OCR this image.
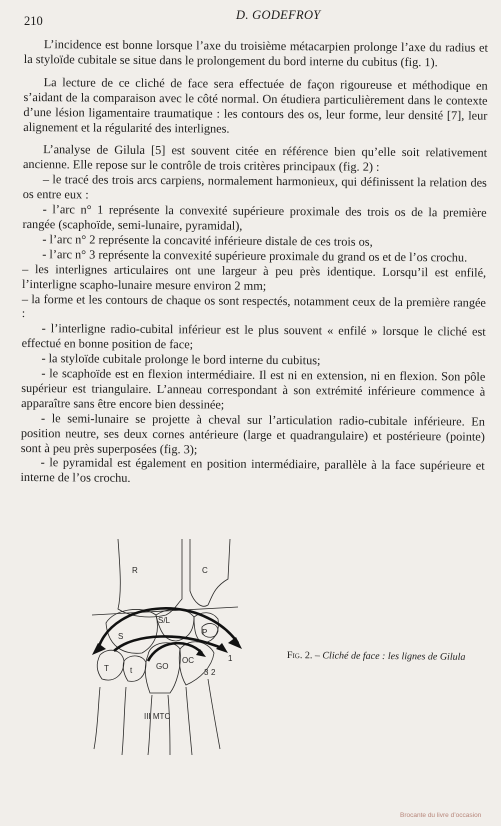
210	D. GODEFROY

L’incidence est bonne lorsque l’axe du troisième métacarpien prolonge l’axe du radius et la styloïde cubitale se situe dans le prolongement du bord interne du cubitus (fig. 1).

La lecture de ce cliché de face sera effectuée de façon rigoureuse et méthodique en s’aidant de la comparaison avec le côté normal. On étudiera particulièrement dans le contexte d’une lésion ligamentaire traumatique : les contours des os, leur forme, leur densité [7], leur alignement et la régularité des interlignes.

L’analyse de Gilula [5] est souvent citée en référence bien qu’elle soit relativement ancienne. Elle repose sur le contrôle de trois critères principaux (fig. 2) :

– le tracé des trois arcs carpiens, normalement harmonieux, qui définissent la relation des os entre eux :

- l’arc n° 1 représente la convexité supérieure proximale des trois os de la première rangée (scaphoïde, semi-lunaire, pyramidal),

- l’arc n° 2 représente la concavité inférieure distale de ces trois os,

- l’arc n° 3 représente la convexité supérieure proximale du grand os et de l’os crochu.

– les interlignes articulaires ont une largeur à peu près identique. Lorsqu’il est enfilé, l’interligne scapho-lunaire mesure environ 2 mm;

– la forme et les contours de chaque os sont respectés, notamment ceux de la première rangée :

- l’interligne radio-cubital inférieur est le plus souvent « enfilé » lorsque le cliché est effectué en bonne position de face;

- la styloïde cubitale prolonge le bord interne du cubitus;

- le scaphoïde est en flexion intermédiaire. Il est ni en extension, ni en flexion. Son pôle supérieur est triangulaire. L’anneau correspondant à son extrémité inférieure commence à apparaître sans être encore bien dessinée;

- le semi-lunaire se projette à cheval sur l’articulation radio-cubitale inférieure. En position neutre, ses deux cornes antérieure (large et quadrangulaire) et postérieure (pointe) sont à peu près superposées (fig. 3);

- le pyramidal est également en position intermédiaire, parallèle à la face supérieure et interne de l’os crochu.

R	C
S/L
S	P
T	t	GO
OC	1
3 2
III MTC
Fig. 2. – Cliché de face : les lignes de Gilula
Brocante du livre d’occasion
